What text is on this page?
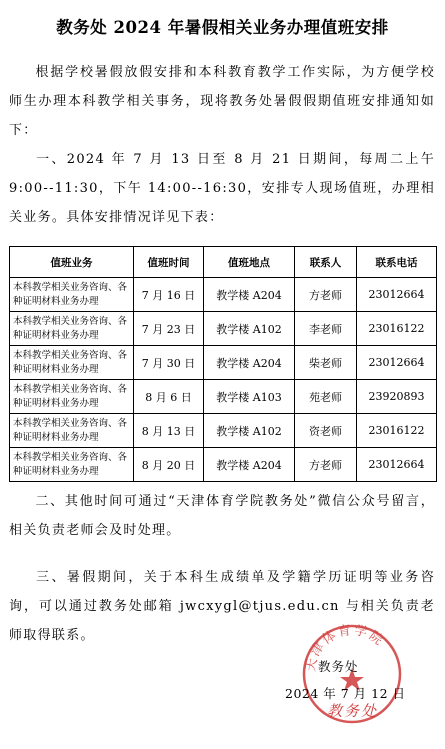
教务处 2024 年暑假相关业务办理值班安排
根据学校暑假放假安排和本科教育教学工作实际，为方便学校师生办理本科教学相关事务，现将教务处暑假假期值班安排通知如下：
一、2024 年 7 月 13 日至 8 月 21 日期间，每周二上午 9:00--11:30，下午 14:00--16:30，安排专人现场值班，办理相关业务。具体安排情况详见下表：
值班业务	值班时间	值班地点	联系人	联系电话
本科教学相关业务咨询、各种证明材料业务办理	7 月 16 日	教学楼 A204	方老师	23012664
本科教学相关业务咨询、各种证明材料业务办理	7 月 23 日	教学楼 A102	李老师	23016122
本科教学相关业务咨询、各种证明材料业务办理	7 月 30 日	教学楼 A204	柴老师	23012664
本科教学相关业务咨询、各种证明材料业务办理	8 月 6 日	教学楼 A103	苑老师	23920893
本科教学相关业务咨询、各种证明材料业务办理	8 月 13 日	教学楼 A102	资老师	23016122
本科教学相关业务咨询、各种证明材料业务办理	8 月 20 日	教学楼 A204	方老师	23012664
二、其他时间可通过“天津体育学院教务处”微信公众号留言，相关负责老师会及时处理。
三、暑假期间，关于本科生成绩单及学籍学历证明等业务咨询，可以通过教务处邮箱 jwcxygl@tjus.edu.cn 与相关负责老师取得联系。
天津体育学院
教务处
2024 年 7 月 12 日
教务处
